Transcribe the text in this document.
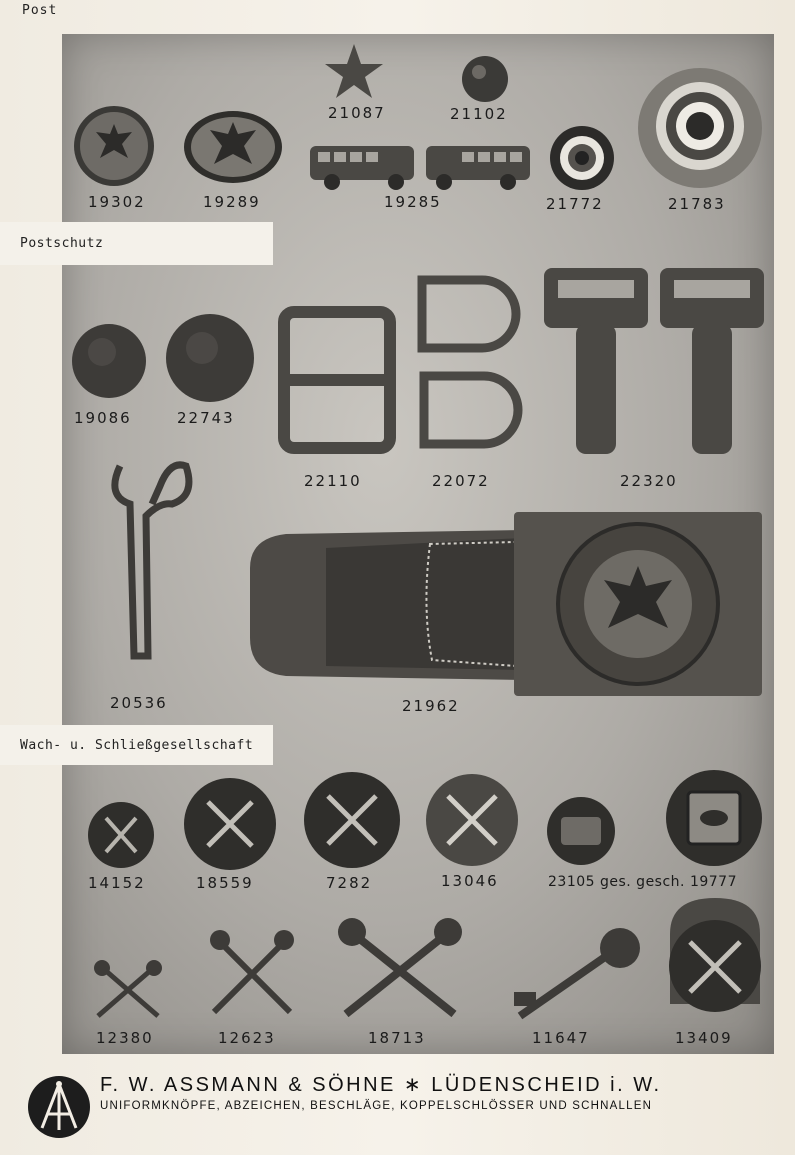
Post
Postschutz
Wach- u. Schließgesellschaft
19302	19289
21087	21102
19285	21772	21783
19086	22743
22110	22072	22320
20536	21962
14152	18559	7282	13046	23105 ges. gesch. 19777
12380	12623	18713	11647	13409
F. W. ASSMANN & SÖHNE ∗ LÜDENSCHEID i. W.
UNIFORMKNÖPFE, ABZEICHEN, BESCHLÄGE, KOPPELSCHLÖSSER UND SCHNALLEN
